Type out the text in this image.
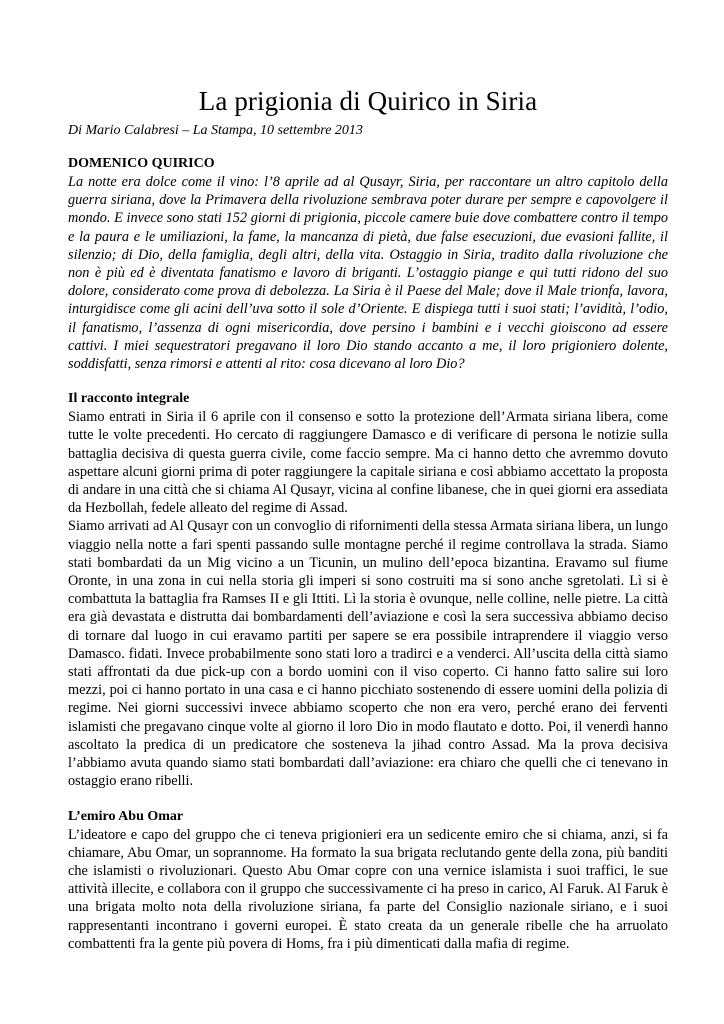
La prigionia di Quirico in Siria

Di Mario Calabresi – La Stampa, 10 settembre 2013

DOMENICO QUIRICO

La notte era dolce come il vino: l’8 aprile ad al Qusayr, Siria, per raccontare un altro capitolo della guerra siriana, dove la Primavera della rivoluzione sembrava poter durare per sempre e capovolgere il mondo. E invece sono stati 152 giorni di prigionia, piccole camere buie dove combattere contro il tempo e la paura e le umiliazioni, la fame, la mancanza di pietà, due false esecuzioni, due evasioni fallite, il silenzio; di Dio, della famiglia, degli altri, della vita. Ostaggio in Siria, tradito dalla rivoluzione che non è più ed è diventata fanatismo e lavoro di briganti. L’ostaggio piange e qui tutti ridono del suo dolore, considerato come prova di debolezza. La Siria è il Paese del Male; dove il Male trionfa, lavora, inturgidisce come gli acini dell’uva sotto il sole d’Oriente. E dispiega tutti i suoi stati; l’avidità, l’odio, il fanatismo, l’assenza di ogni misericordia, dove persino i bambini e i vecchi gioiscono ad essere cattivi. I miei sequestratori pregavano il loro Dio stando accanto a me, il loro prigioniero dolente, soddisfatti, senza rimorsi e attenti al rito: cosa dicevano al loro Dio?

Il racconto integrale

Siamo entrati in Siria il 6 aprile con il consenso e sotto la protezione dell’Armata siriana libera, come tutte le volte precedenti. Ho cercato di raggiungere Damasco e di verificare di persona le notizie sulla battaglia decisiva di questa guerra civile, come faccio sempre. Ma ci hanno detto che avremmo dovuto aspettare alcuni giorni prima di poter raggiungere la capitale siriana e così abbiamo accettato la proposta di andare in una città che si chiama Al Qusayr, vicina al confine libanese, che in quei giorni era assediata da Hezbollah, fedele alleato del regime di Assad.

Siamo arrivati ad Al Qusayr con un convoglio di rifornimenti della stessa Armata siriana libera, un lungo viaggio nella notte a fari spenti passando sulle montagne perché il regime controllava la strada. Siamo stati bombardati da un Mig vicino a un Ticunin, un mulino dell’epoca bizantina. Eravamo sul fiume Oronte, in una zona in cui nella storia gli imperi si sono costruiti ma si sono anche sgretolati. Lì si è combattuta la battaglia fra Ramses II e gli Ittiti. Lì la storia è ovunque, nelle colline, nelle pietre. La città era già devastata e distrutta dai bombardamenti dell’aviazione e così la sera successiva abbiamo deciso di tornare dal luogo in cui eravamo partiti per sapere se era possibile intraprendere il viaggio verso Damasco. fidati. Invece probabilmente sono stati loro a tradirci e a venderci. All’uscita della città siamo stati affrontati da due pick-up con a bordo uomini con il viso coperto. Ci hanno fatto salire sui loro mezzi, poi ci hanno portato in una casa e ci hanno picchiato sostenendo di essere uomini della polizia di regime. Nei giorni successivi invece abbiamo scoperto che non era vero, perché erano dei ferventi islamisti che pregavano cinque volte al giorno il loro Dio in modo flautato e dotto. Poi, il venerdì hanno ascoltato la predica di un predicatore che sosteneva la jihad contro Assad. Ma la prova decisiva l’abbiamo avuta quando siamo stati bombardati dall’aviazione: era chiaro che quelli che ci tenevano in ostaggio erano ribelli.

L’emiro Abu Omar

L’ideatore e capo del gruppo che ci teneva prigionieri era un sedicente emiro che si chiama, anzi, si fa chiamare, Abu Omar, un soprannome. Ha formato la sua brigata reclutando gente della zona, più banditi che islamisti o rivoluzionari. Questo Abu Omar copre con una vernice islamista i suoi traffici, le sue attività illecite, e collabora con il gruppo che successivamente ci ha preso in carico, Al Faruk. Al Faruk è una brigata molto nota della rivoluzione siriana, fa parte del Consiglio nazionale siriano, e i suoi rappresentanti incontrano i governi europei. È stato creata da un generale ribelle che ha arruolato combattenti fra la gente più povera di Homs, fra i più dimenticati dalla mafia di regime.
